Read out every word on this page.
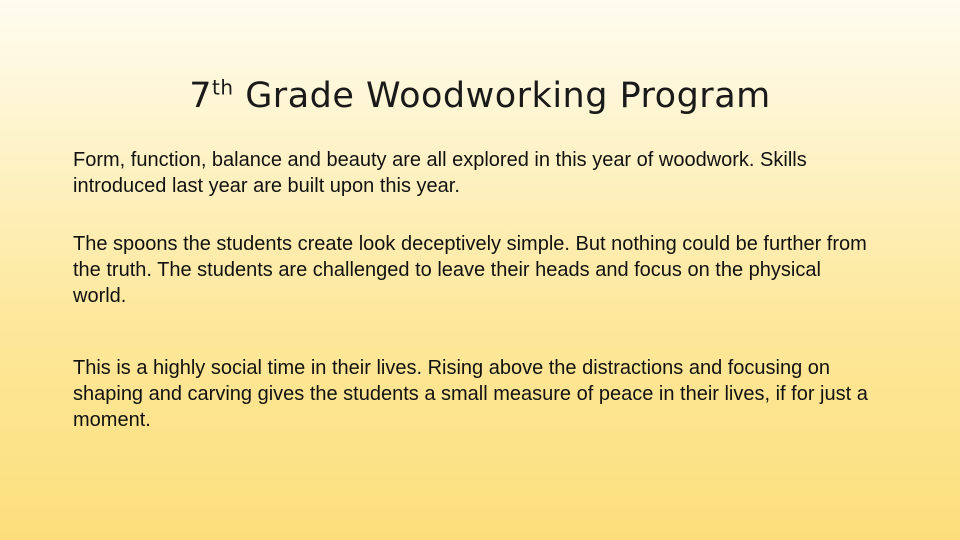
7th Grade Woodworking Program

Form, function, balance and beauty are all explored in this year of woodwork. Skills introduced last year are built upon this year.

The spoons the students create look deceptively simple. But nothing could be further from the truth. The students are challenged to leave their heads and focus on the physical world.

This is a highly social time in their lives. Rising above the distractions and focusing on shaping and carving gives the students a small measure of peace in their lives, if for just a moment.
